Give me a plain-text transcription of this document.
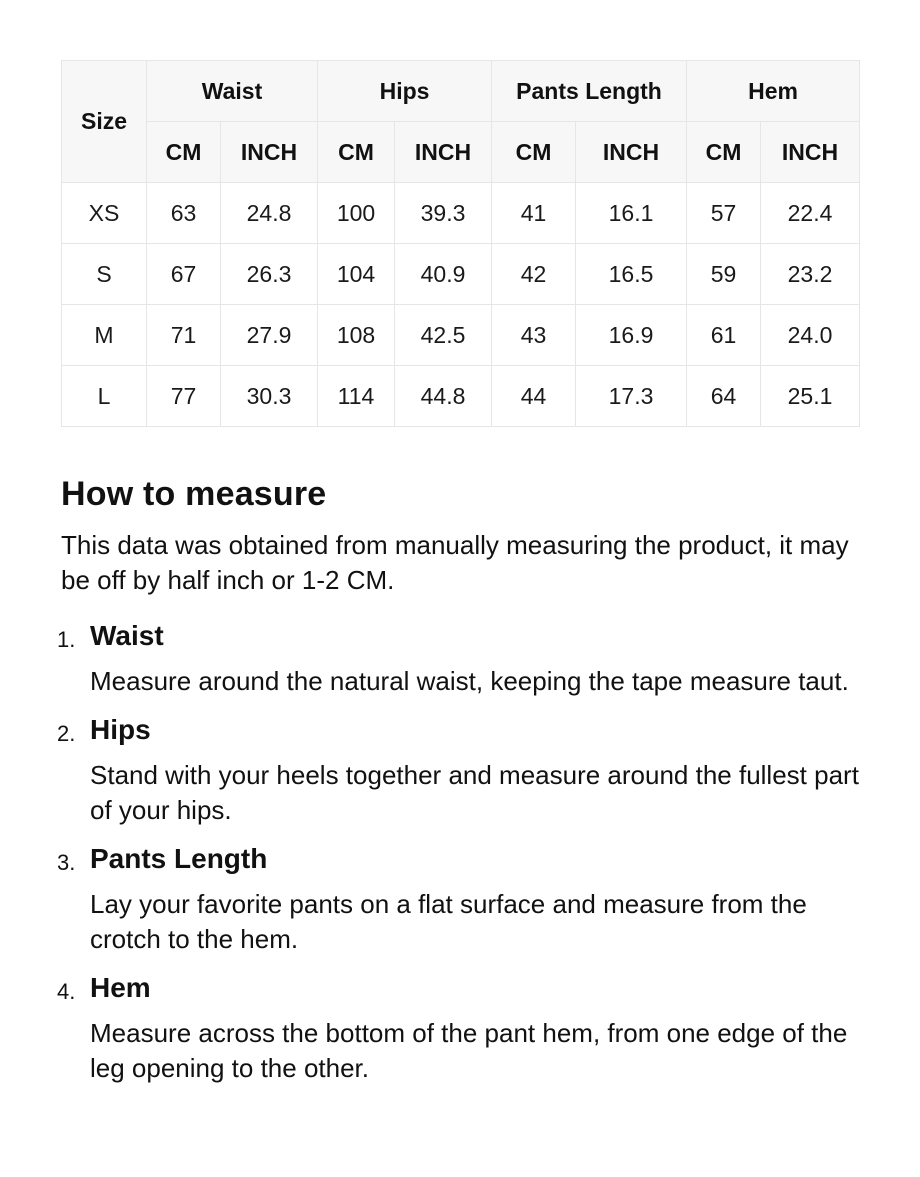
Size	Waist		Hips		Pants Length		Hem	
	CM	INCH	CM	INCH	CM	INCH	CM	INCH
XS	63	24.8	100	39.3	41	16.1	57	22.4
S	67	26.3	104	40.9	42	16.5	59	23.2
M	71	27.9	108	42.5	43	16.9	61	24.0
L	77	30.3	114	44.8	44	17.3	64	25.1
How to measure

This data was obtained from manually measuring the product, it may be off by half inch or 1-2 CM.

1. Waist
Measure around the natural waist, keeping the tape measure taut.
2. Hips
Stand with your heels together and measure around the fullest part of your hips.
3. Pants Length
Lay your favorite pants on a flat surface and measure from the crotch to the hem.
4. Hem
Measure across the bottom of the pant hem, from one edge of the leg opening to the other.
